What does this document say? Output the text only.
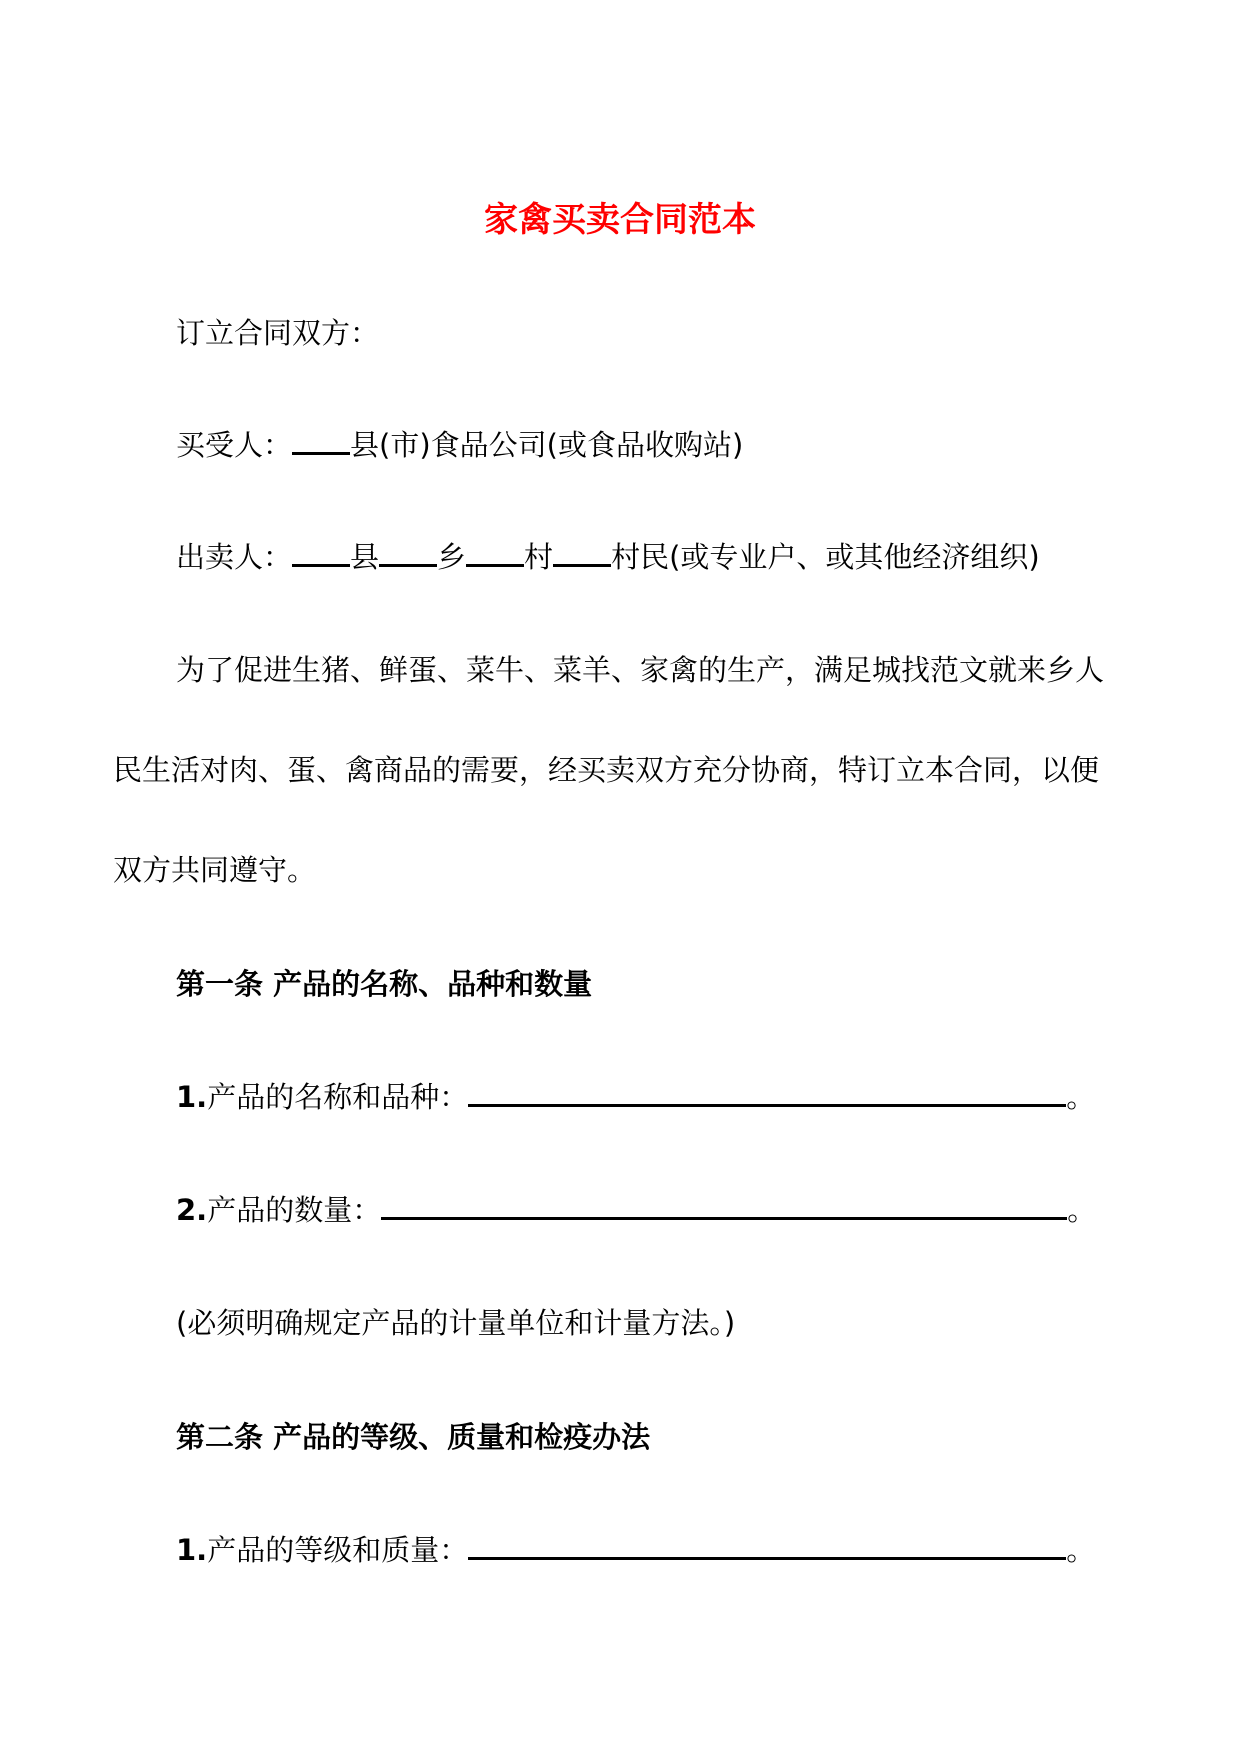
家禽买卖合同范本

订立合同双方：

买受人： 县(市)食品公司(或食品收购站)

出卖人： 县 乡 村 村民(或专业户、或其他经济组织)

为了促进生猪、鲜蛋、菜牛、菜羊、家禽的生产，满足城找范文就来乡人

民生活对肉、蛋、禽商品的需要，经买卖双方充分协商，特订立本合同，以便

双方共同遵守。

第一条 产品的名称、品种和数量

1.产品的名称和品种：	。

2.产品的数量：	。

(必须明确规定产品的计量单位和计量方法。)

第二条 产品的等级、质量和检疫办法

1.产品的等级和质量：	。
